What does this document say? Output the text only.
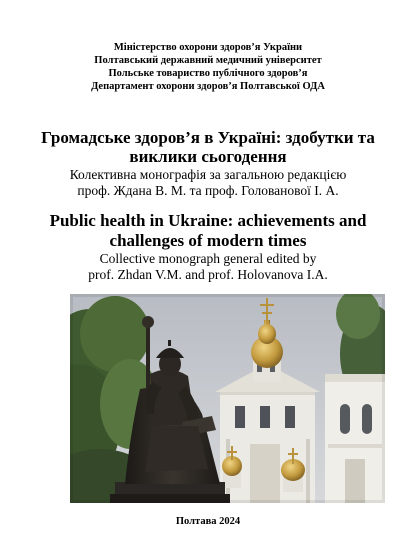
Міністерство охорони здоров’я України
Полтавський державний медичний університет
Польське товариство публічного здоров’я
Департамент охорони здоров’я Полтавської ОДА
Громадське здоров’я в Україні: здобутки та
виклики сьогодення
Колективна монографія за загальною редакцією
проф. Ждана В. М. та проф. Голованової І. А.
Public health in Ukraine: achievements and
challenges of modern times
Collective monograph general edited by
prof. Zhdan V.M. and prof. Holovanova I.A.
Полтава 2024
